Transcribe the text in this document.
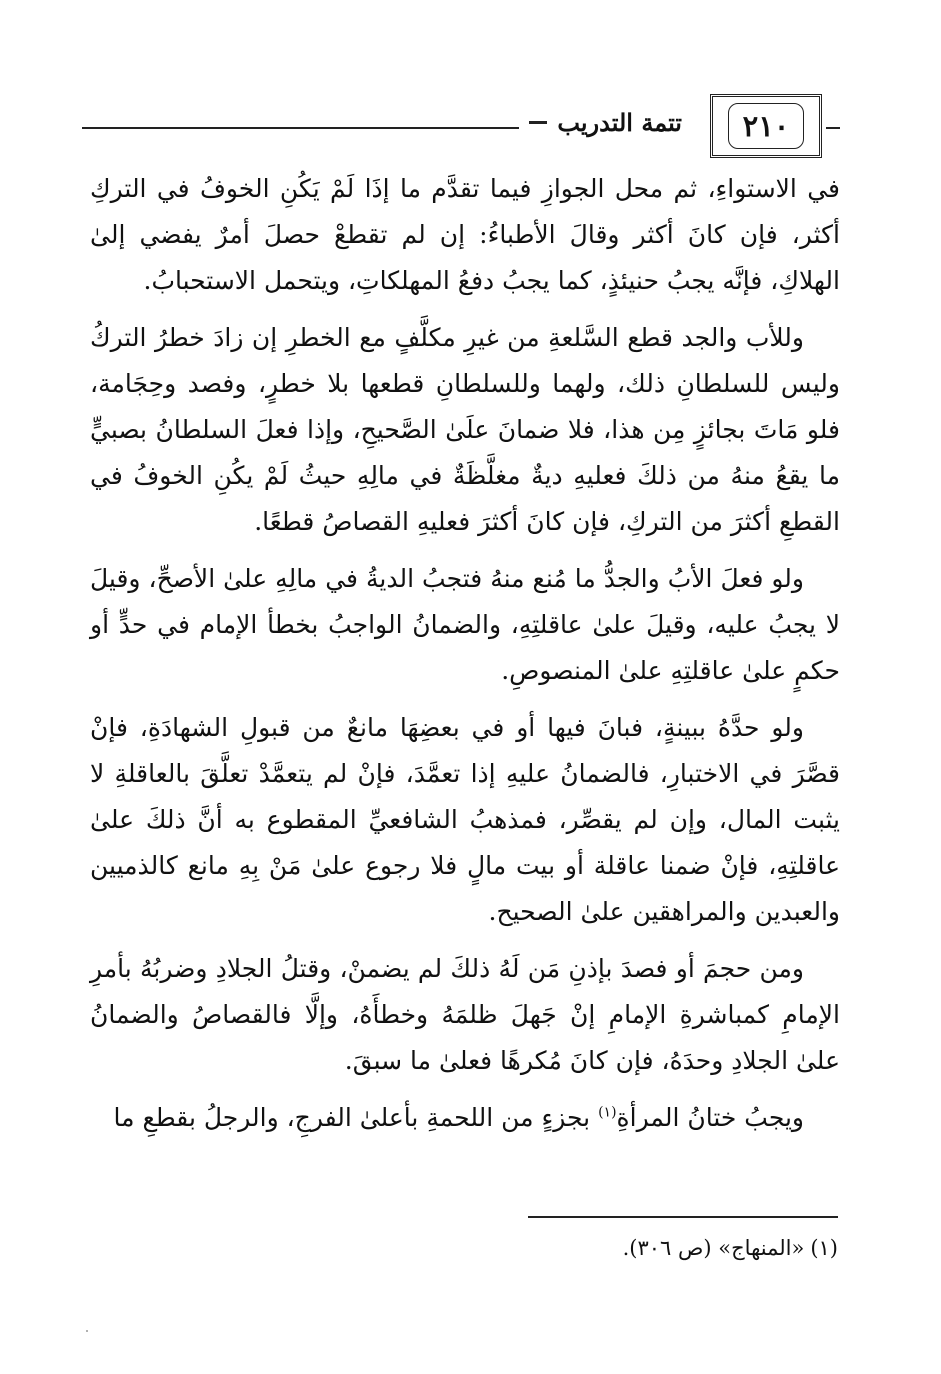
٢١٠
تتمة التدريب

في الاستواءِ، ثم محل الجوازِ فيما تقدَّم ما إذَا لَمْ يَكُنِ الخوفُ في التركِ أكثر، فإن كانَ أكثر وقالَ الأطباءُ: إن لم تقطعْ حصلَ أمرٌ يفضي إلىٰ الهلاكِ، فإنَّه يجبُ حنيئذٍ، كما يجبُ دفعُ المهلكاتِ، ويتحمل الاستحبابُ.

وللأب والجد قطع السَّلعةِ من غيرِ مكلَّفٍ مع الخطرِ إن زادَ خطرُ التركُ وليس للسلطانِ ذلك، ولهما وللسلطانِ قطعها بلا خطرٍ، وفصد وحِجَامة، فلو مَاتَ بجائزٍ مِن هذا، فلا ضمانَ علَىٰ الصَّحيحِ، وإذا فعلَ السلطانُ بصبيٍّ ما يقعُ منهُ من ذلكَ فعليهِ ديةٌ مغلَّظَةٌ في مالِهِ حيثُ لَمْ يكُنِ الخوفُ في القطعِ أكثرَ من التركِ، فإن كانَ أكثرَ فعليهِ القصاصُ قطعًا.

ولو فعلَ الأبُ والجدُّ ما مُنع منهُ فتجبُ الديةُ في مالِهِ علىٰ الأصحِّ، وقيلَ لا يجبُ عليه، وقيلَ علىٰ عاقلتِهِ، والضمانُ الواجبُ بخطأ الإمام في حدٍّ أو حكمٍ علىٰ عاقلتِهِ علىٰ المنصوصِ.

ولو حدَّهُ ببينةٍ، فبانَ فيها أو في بعضِهَا مانعٌ من قبولِ الشهادَةِ، فإنْ قصَّرَ في الاختبارِ، فالضمانُ عليهِ إذا تعمَّدَ، فإنْ لم يتعمَّدْ تعلَّقَ بالعاقلةِ لا يثبت المال، وإن لم يقصِّر، فمذهبُ الشافعيِّ المقطوع به أنَّ ذلكَ علىٰ عاقلتِهِ، فإنْ ضمنا عاقلة أو بيت مالٍ فلا رجوع علىٰ مَنْ بِهِ مانع كالذميين والعبدين والمراهقين علىٰ الصحيح.

ومن حجمَ أو فصدَ بإذنِ مَن لَهُ ذلكَ لم يضمنْ، وقتلُ الجلادِ وضربُهُ بأمرِ الإمامِ كمباشرةِ الإمامِ إنْ جَهلَ ظلمَهُ وخطأَهُ، وإلَّا فالقصاصُ والضمانُ علىٰ الجلادِ وحدَهُ، فإن كانَ مُكرهًا فعلىٰ ما سبقَ.

ويجبُ ختانُ المرأةِ$^{(١)}$ بجزءٍ من اللحمةِ بأعلىٰ الفرجِ، والرجلُ بقطعِ ما

(١)«المنهاج» (ص ٣٠٦).
